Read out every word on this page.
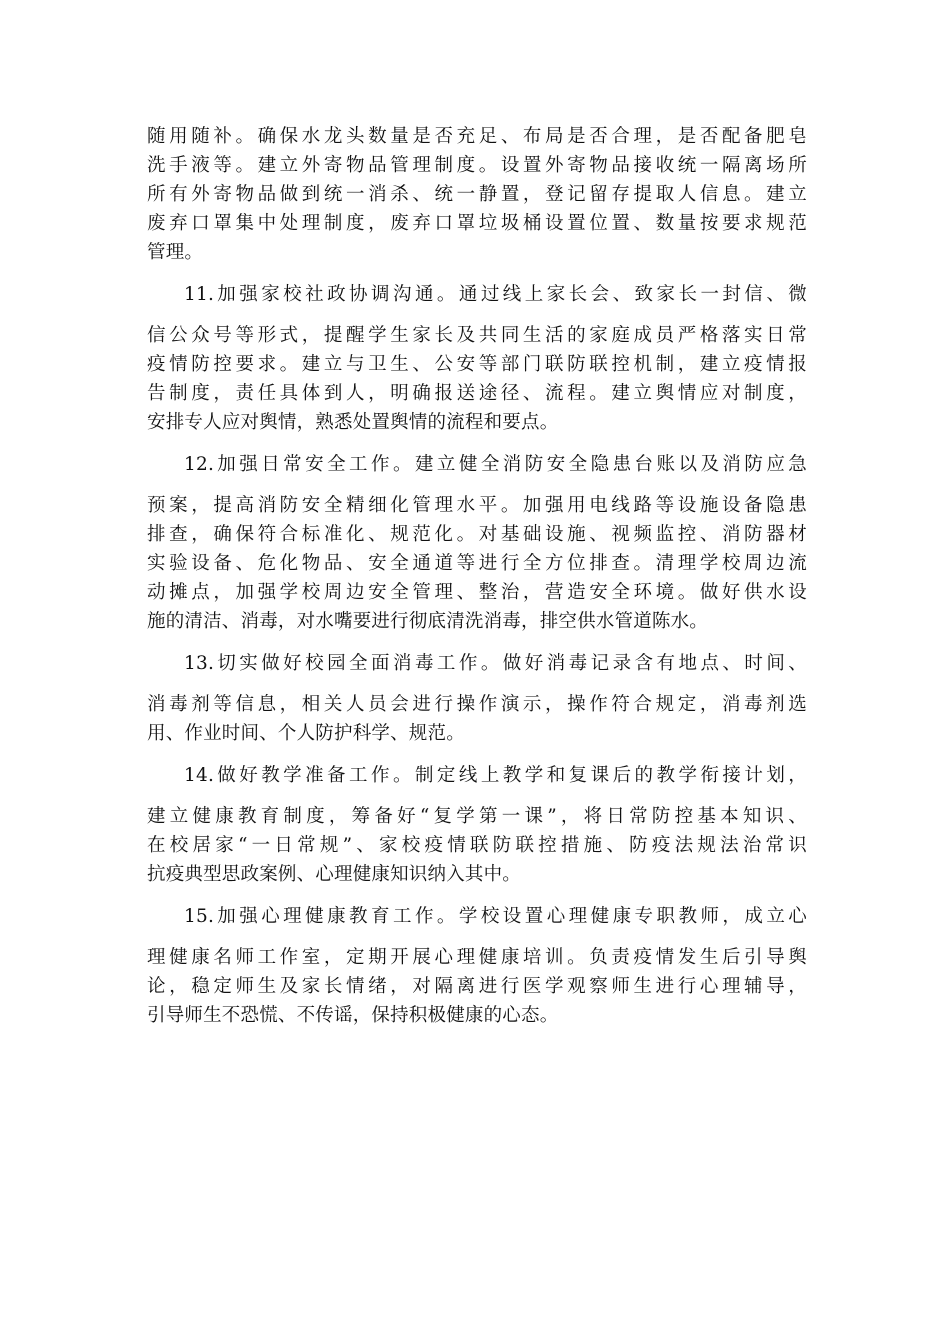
随用随补。确保水龙头数量是否充足、布局是否合理，是否配备肥皂
洗手液等。建立外寄物品管理制度。设置外寄物品接收统一隔离场所
所有外寄物品做到统一消杀、统一静置，登记留存提取人信息。建立
废弃口罩集中处理制度，废弃口罩垃圾桶设置位置、数量按要求规范
管理。
11.加强家校社政协调沟通。通过线上家长会、致家长一封信、微
信公众号等形式，提醒学生家长及共同生活的家庭成员严格落实日常
疫情防控要求。建立与卫生、公安等部门联防联控机制，建立疫情报
告制度，责任具体到人，明确报送途径、流程。建立舆情应对制度，
安排专人应对舆情，熟悉处置舆情的流程和要点。
12.加强日常安全工作。建立健全消防安全隐患台账以及消防应急
预案，提高消防安全精细化管理水平。加强用电线路等设施设备隐患
排查，确保符合标准化、规范化。对基础设施、视频监控、消防器材
实验设备、危化物品、安全通道等进行全方位排查。清理学校周边流
动摊点，加强学校周边安全管理、整治，营造安全环境。做好供水设
施的清洁、消毒，对水嘴要进行彻底清洗消毒，排空供水管道陈水。
13.切实做好校园全面消毒工作。做好消毒记录含有地点、时间、
消毒剂等信息，相关人员会进行操作演示，操作符合规定，消毒剂选
用、作业时间、个人防护科学、规范。
14.做好教学准备工作。制定线上教学和复课后的教学衔接计划，
建立健康教育制度，筹备好“复学第一课”，将日常防控基本知识、
在校居家“一日常规”、家校疫情联防联控措施、防疫法规法治常识
抗疫典型思政案例、心理健康知识纳入其中。
15.加强心理健康教育工作。学校设置心理健康专职教师，成立心
理健康名师工作室，定期开展心理健康培训。负责疫情发生后引导舆
论，稳定师生及家长情绪，对隔离进行医学观察师生进行心理辅导，
引导师生不恐慌、不传谣，保持积极健康的心态。
